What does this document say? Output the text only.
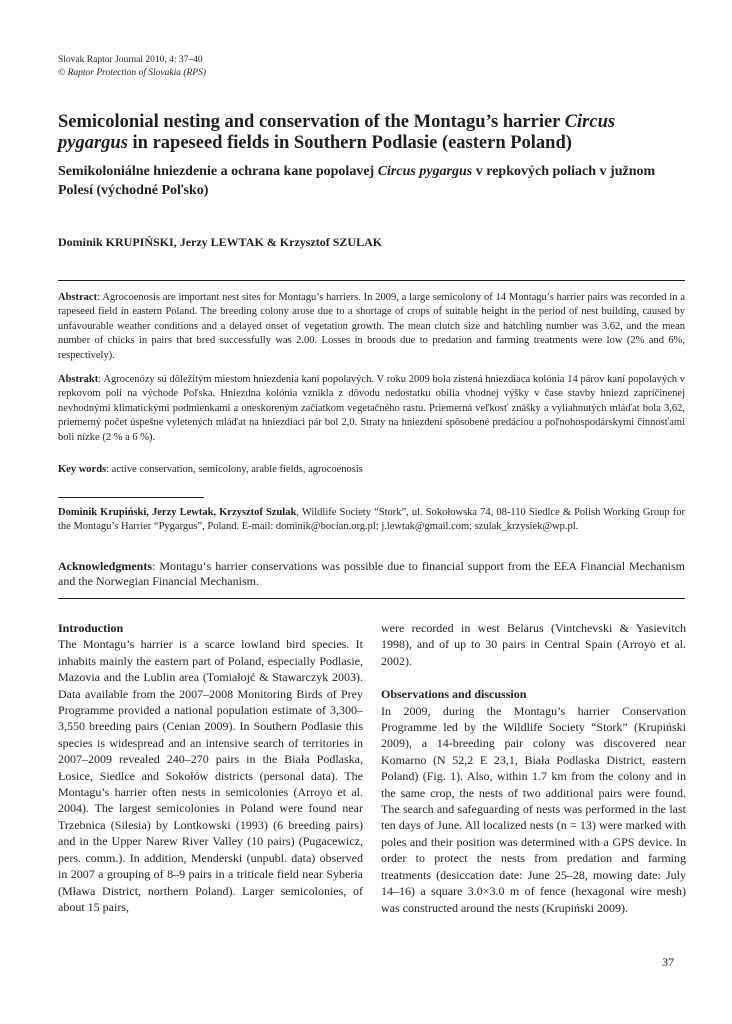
Slovak Raptor Journal 2010, 4: 37–40
© Raptor Protection of Slovakia (RPS)
Semicolonial nesting and conservation of the Montagu’s harrier Circus pygargus in rapeseed fields in Southern Podlasie (eastern Poland)
Semikoloniálne hniezdenie a ochrana kane popolavej Circus pygargus v repkových poliach v južnom Polesí (východné Poľsko)
Dominik KRUPIŃSKI, Jerzy LEWTAK & Krzysztof SZULAK

Abstract: Agrocoenosis are important nest sites for Montagu’s harriers. In 2009, a large semicolony of 14 Montagu’s harrier pairs was recorded in a rapeseed field in eastern Poland. The breeding colony arose due to a shortage of crops of suitable height in the period of nest building, caused by unfavourable weather conditions and a delayed onset of vegetation growth. The mean clutch size and hatchling number was 3.62, and the mean number of chicks in pairs that bred successfully was 2.00. Losses in broods due to predation and farming treatments were low (2% and 6%, respectively).

Abstrakt: Agrocenózy sú dôležitým miestom hniezdenia kaní popolavých. V roku 2009 bola zistená hniezdiaca kolónia 14 párov kaní popolavých v repkovom poli na východe Poľska. Hniezdna kolónia vznikla z dôvodu nedostatku obilia vhodnej výšky v čase stavby hniezd zapríčinenej nevhodnými klimatickými podmienkami a oneskoreným začiatkom vegetačného rastu. Priemerná veľkosť znášky a vyliahnutých mláďat bola 3,62, priemerný počet úspešne vyletených mláďat na hniezdiaci pár bol 2,0. Straty na hniezdení spôsobené predáciou a poľnohospodárskymi činnosťami boli nízke (2 % a 6 %).

Key words: active conservation, semicolony, arable fields, agrocoenosis

Dominik Krupiński, Jerzy Lewtak, Krzysztof Szulak, Wildlife Society “Stork”, ul. Sokołowska 74, 08-110 Siedlce & Polish Working Group for the Montagu’s Harrier “Pygargus”, Poland. E-mail: dominik@bocian.org.pl; j.lewtak@gmail.com; szulak_krzysiek@wp.pl.

Acknowledgments: Montagu‘s harrier conservations was possible due to financial support from the EEA Financial Mechanism and the Norwegian Financial Mechanism.

Introduction

The Montagu’s harrier is a scarce lowland bird species. It inhabits mainly the eastern part of Poland, especially Podlasie, Mazovia and the Lublin area (Tomiałojć & Stawarczyk 2003). Data available from the 2007–2008 Monitoring Birds of Prey Programme provided a national population estimate of 3,300–3,550 breeding pairs (Cenian 2009). In Southern Podlasie this species is widespread and an intensive search of territories in 2007–2009 revealed 240–270 pairs in the Biała Podlaska, Łosice, Siedlce and Sokołów districts (personal data). The Montagu’s harrier often nests in semicolonies (Arroyo et al. 2004). The largest semicolonies in Poland were found near Trzebnica (Silesia) by Lontkowski (1993) (6 breeding pairs) and in the Upper Narew River Valley (10 pairs) (Pugacewicz, pers. comm.). In addition, Menderski (unpubl. data) observed in 2007 a grouping of 8–9 pairs in a triticale field near Syberia (Mława District, northern Poland). Larger semicolonies, of about 15 pairs,

were recorded in west Belarus (Vintchevski & Yasievitch 1998), and of up to 30 pairs in Central Spain (Arroyo et al. 2002).

Observations and discussion

In 2009, during the Montagu’s harrier Conservation Programme led by the Wildlife Society “Stork” (Krupiński 2009), a 14-breeding pair colony was discovered near Komarno (N 52,2 E 23,1, Biała Podlaska District, eastern Poland) (Fig. 1). Also, within 1.7 km from the colony and in the same crop, the nests of two additional pairs were found. The search and safeguarding of nests was performed in the last ten days of June. All localized nests (n = 13) were marked with poles and their position was determined with a GPS device. In order to protect the nests from predation and farming treatments (desiccation date: June 25–28, mowing date: July 14–16) a square 3.0×3.0 m of fence (hexagonal wire mesh) was constructed around the nests (Krupiński 2009).

37
